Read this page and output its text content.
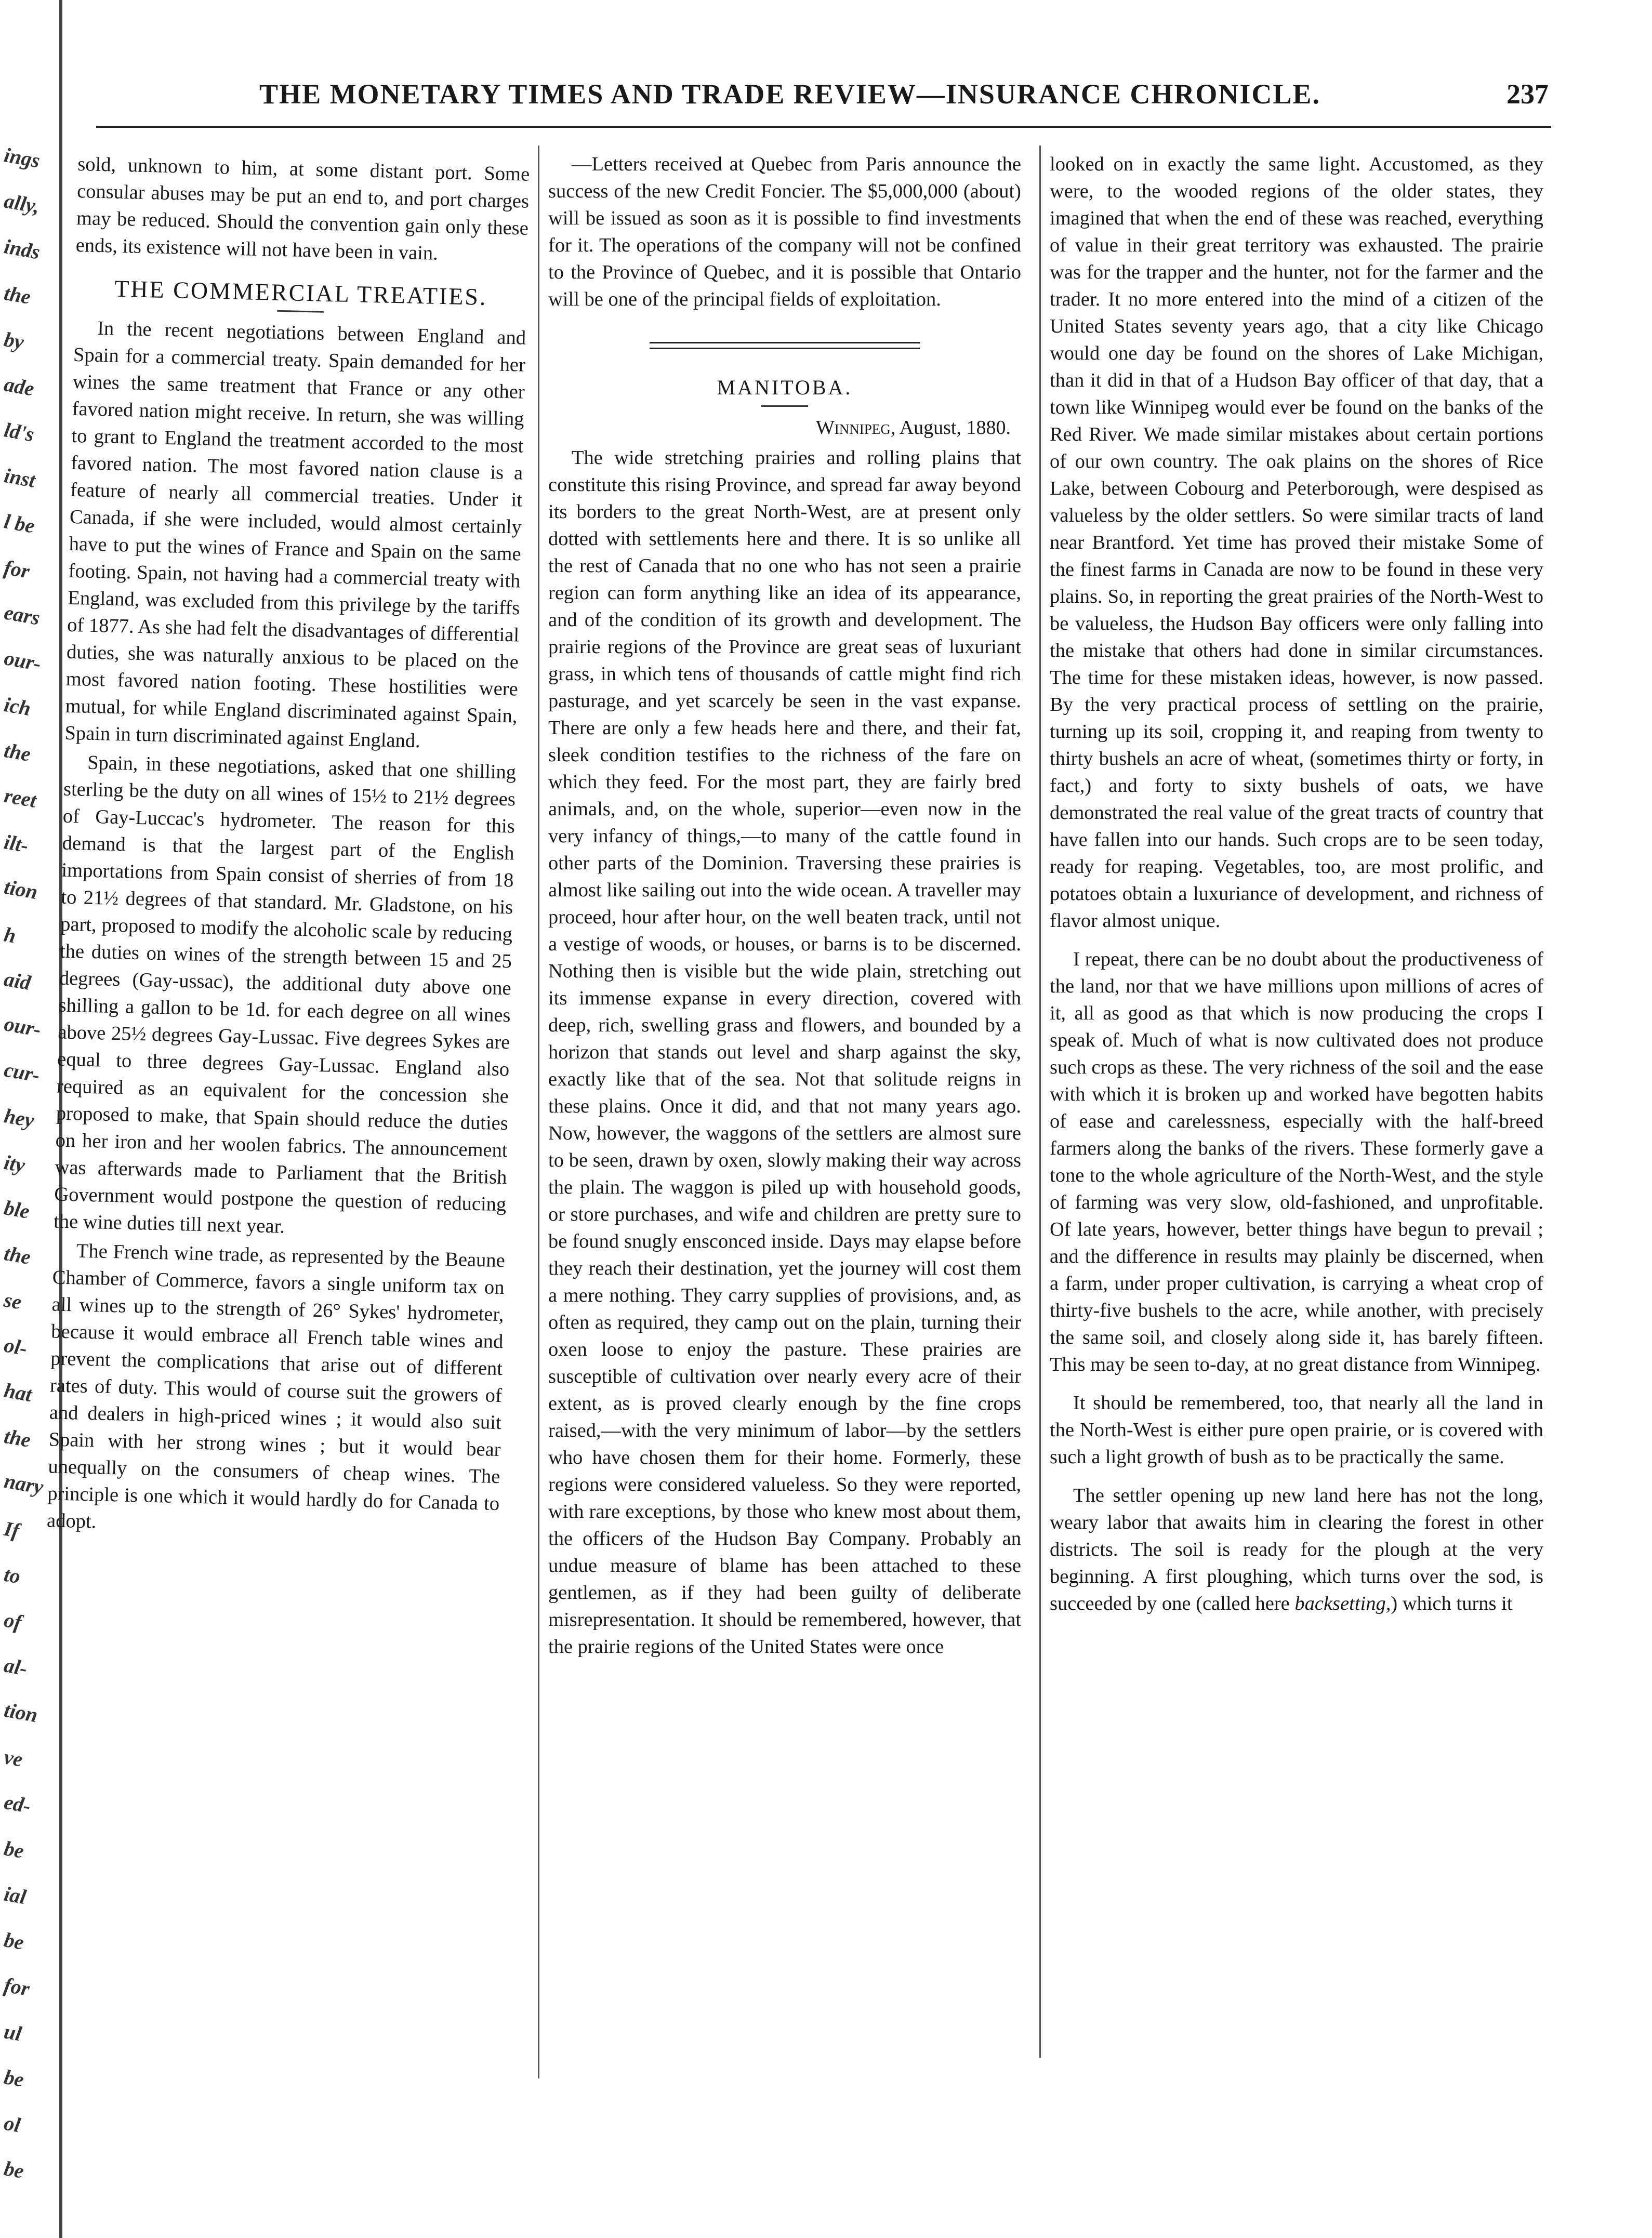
ings
ally,
inds
the
by
ade
ld's
inst
l be
for
ears
our-
ich
the
reet
ilt-
tion
h
aid
our-
cur-
hey
ity
ble
the
se
ol-
hat
the
nary
If
to
of
al-
tion
ve
ed-
be
ial
be
for
ul
be
ol
be
THE MONETARY TIMES AND TRADE REVIEW—INSURANCE CHRONICLE.	237

sold, unknown to him, at some distant port. Some consular abuses may be put an end to, and port charges may be reduced. Should the convention gain only these ends, its existence will not have been in vain.

THE COMMERCIAL TREATIES.

In the recent negotiations between England and Spain for a commercial treaty. Spain demanded for her wines the same treatment that France or any other favored nation might receive. In return, she was willing to grant to England the treatment accorded to the most favored nation. The most favored nation clause is a feature of nearly all commercial treaties. Under it Canada, if she were included, would almost certainly have to put the wines of France and Spain on the same footing. Spain, not having had a commercial treaty with England, was excluded from this privilege by the tariffs of 1877. As she had felt the disadvantages of differential duties, she was naturally anxious to be placed on the most favored nation footing. These hostilities were mutual, for while England discriminated against Spain, Spain in turn discriminated against England.

Spain, in these negotiations, asked that one shilling sterling be the duty on all wines of 15½ to 21½ degrees of Gay-Luccac's hydrometer. The reason for this demand is that the largest part of the English importations from Spain consist of sherries of from 18 to 21½ degrees of that standard. Mr. Gladstone, on his part, proposed to modify the alcoholic scale by reducing the duties on wines of the strength between 15 and 25 degrees (Gay-ussac), the additional duty above one shilling a gallon to be 1d. for each degree on all wines above 25½ degrees Gay-Lussac. Five degrees Sykes are equal to three degrees Gay-Lussac. England also required as an equivalent for the concession she proposed to make, that Spain should reduce the duties on her iron and her woolen fabrics. The announcement was afterwards made to Parliament that the British Government would postpone the question of reducing the wine duties till next year.

The French wine trade, as represented by the Beaune Chamber of Commerce, favors a single uniform tax on all wines up to the strength of 26° Sykes' hydrometer, because it would embrace all French table wines and prevent the complications that arise out of different rates of duty. This would of course suit the growers of and dealers in high-priced wines ; it would also suit Spain with her strong wines ; but it would bear unequally on the consumers of cheap wines. The principle is one which it would hardly do for Canada to adopt.

—Letters received at Quebec from Paris announce the success of the new Credit Foncier. The $5,000,000 (about) will be issued as soon as it is possible to find investments for it. The operations of the company will not be confined to the Province of Quebec, and it is possible that Ontario will be one of the principal fields of exploitation.

MANITOBA.
Winnipeg, August, 1880.

The wide stretching prairies and rolling plains that constitute this rising Province, and spread far away beyond its borders to the great North-West, are at present only dotted with settlements here and there. It is so unlike all the rest of Canada that no one who has not seen a prairie region can form anything like an idea of its appearance, and of the condition of its growth and development. The prairie regions of the Province are great seas of luxuriant grass, in which tens of thousands of cattle might find rich pasturage, and yet scarcely be seen in the vast expanse. There are only a few heads here and there, and their fat, sleek condition testifies to the richness of the fare on which they feed. For the most part, they are fairly bred animals, and, on the whole, superior—even now in the very infancy of things,—to many of the cattle found in other parts of the Dominion. Traversing these prairies is almost like sailing out into the wide ocean. A traveller may proceed, hour after hour, on the well beaten track, until not a vestige of woods, or houses, or barns is to be discerned. Nothing then is visible but the wide plain, stretching out its immense expanse in every direction, covered with deep, rich, swelling grass and flowers, and bounded by a horizon that stands out level and sharp against the sky, exactly like that of the sea. Not that solitude reigns in these plains. Once it did, and that not many years ago. Now, however, the waggons of the settlers are almost sure to be seen, drawn by oxen, slowly making their way across the plain. The waggon is piled up with household goods, or store purchases, and wife and children are pretty sure to be found snugly ensconced inside. Days may elapse before they reach their destination, yet the journey will cost them a mere nothing. They carry supplies of provisions, and, as often as required, they camp out on the plain, turning their oxen loose to enjoy the pasture. These prairies are susceptible of cultivation over nearly every acre of their extent, as is proved clearly enough by the fine crops raised,—with the very minimum of labor—by the settlers who have chosen them for their home. Formerly, these regions were considered valueless. So they were reported, with rare exceptions, by those who knew most about them, the officers of the Hudson Bay Company. Probably an undue measure of blame has been attached to these gentlemen, as if they had been guilty of deliberate misrepresentation. It should be remembered, however, that the prairie regions of the United States were once

looked on in exactly the same light. Accustomed, as they were, to the wooded regions of the older states, they imagined that when the end of these was reached, everything of value in their great territory was exhausted. The prairie was for the trapper and the hunter, not for the farmer and the trader. It no more entered into the mind of a citizen of the United States seventy years ago, that a city like Chicago would one day be found on the shores of Lake Michigan, than it did in that of a Hudson Bay officer of that day, that a town like Winnipeg would ever be found on the banks of the Red River. We made similar mistakes about certain portions of our own country. The oak plains on the shores of Rice Lake, between Cobourg and Peterborough, were despised as valueless by the older settlers. So were similar tracts of land near Brantford. Yet time has proved their mistake Some of the finest farms in Canada are now to be found in these very plains. So, in reporting the great prairies of the North-West to be valueless, the Hudson Bay officers were only falling into the mistake that others had done in similar circumstances. The time for these mistaken ideas, however, is now passed. By the very practical process of settling on the prairie, turning up its soil, cropping it, and reaping from twenty to thirty bushels an acre of wheat, (sometimes thirty or forty, in fact,) and forty to sixty bushels of oats, we have demonstrated the real value of the great tracts of country that have fallen into our hands. Such crops are to be seen today, ready for reaping. Vegetables, too, are most prolific, and potatoes obtain a luxuriance of development, and richness of flavor almost unique.

I repeat, there can be no doubt about the productiveness of the land, nor that we have millions upon millions of acres of it, all as good as that which is now producing the crops I speak of. Much of what is now cultivated does not produce such crops as these. The very richness of the soil and the ease with which it is broken up and worked have begotten habits of ease and carelessness, especially with the half-breed farmers along the banks of the rivers. These formerly gave a tone to the whole agriculture of the North-West, and the style of farming was very slow, old-fashioned, and unprofitable. Of late years, however, better things have begun to prevail ; and the difference in results may plainly be discerned, when a farm, under proper cultivation, is carrying a wheat crop of thirty-five bushels to the acre, while another, with precisely the same soil, and closely along side it, has barely fifteen. This may be seen to-day, at no great distance from Winnipeg.

It should be remembered, too, that nearly all the land in the North-West is either pure open prairie, or is covered with such a light growth of bush as to be practically the same.

The settler opening up new land here has not the long, weary labor that awaits him in clearing the forest in other districts. The soil is ready for the plough at the very beginning. A first ploughing, which turns over the sod, is succeeded by one (called here backsetting,) which turns it
